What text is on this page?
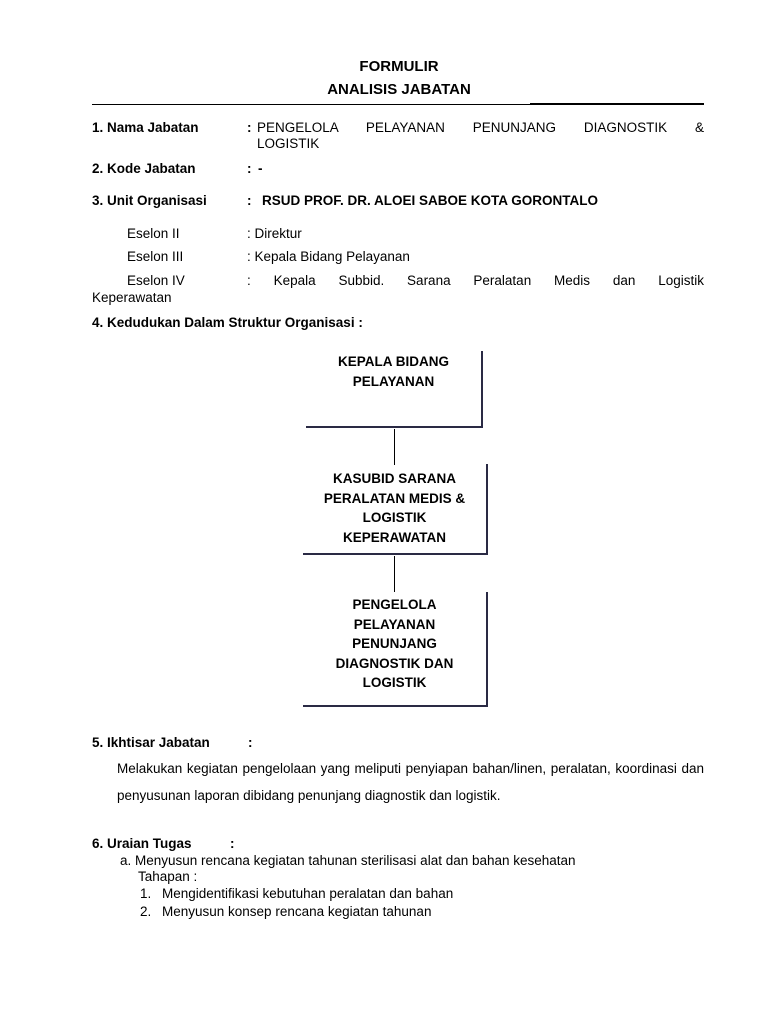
FORMULIR
ANALISIS JABATAN
1. Nama Jabatan	: PENGELOLA PELAYANAN PENUNJANG DIAGNOSTIK &
LOGISTIK
2. Kode Jabatan	: -
3. Unit Organisasi	: RSUD PROF. DR. ALOEI SABOE KOTA GORONTALO
Eselon II	: Direktur
Eselon III	: Kepala Bidang Pelayanan
Eselon IV	: Kepala Subbid. Sarana Peralatan Medis dan Logistik
Keperawatan
4. Kedudukan Dalam Struktur Organisasi :
KEPALA BIDANG
PELAYANAN
KASUBID SARANA
PERALATAN MEDIS &
LOGISTIK
KEPERAWATAN
PENGELOLA
PELAYANAN
PENUNJANG
DIAGNOSTIK DAN
LOGISTIK
5. Ikhtisar Jabatan	:
Melakukan kegiatan pengelolaan yang meliputi penyiapan bahan/linen, peralatan, koordinasi dan penyusunan laporan dibidang penunjang diagnostik dan logistik.
6. Uraian Tugas	:
a. Menyusun rencana kegiatan tahunan sterilisasi alat dan bahan kesehatan
Tahapan :
1. Mengidentifikasi kebutuhan peralatan dan bahan
2. Menyusun konsep rencana kegiatan tahunan
